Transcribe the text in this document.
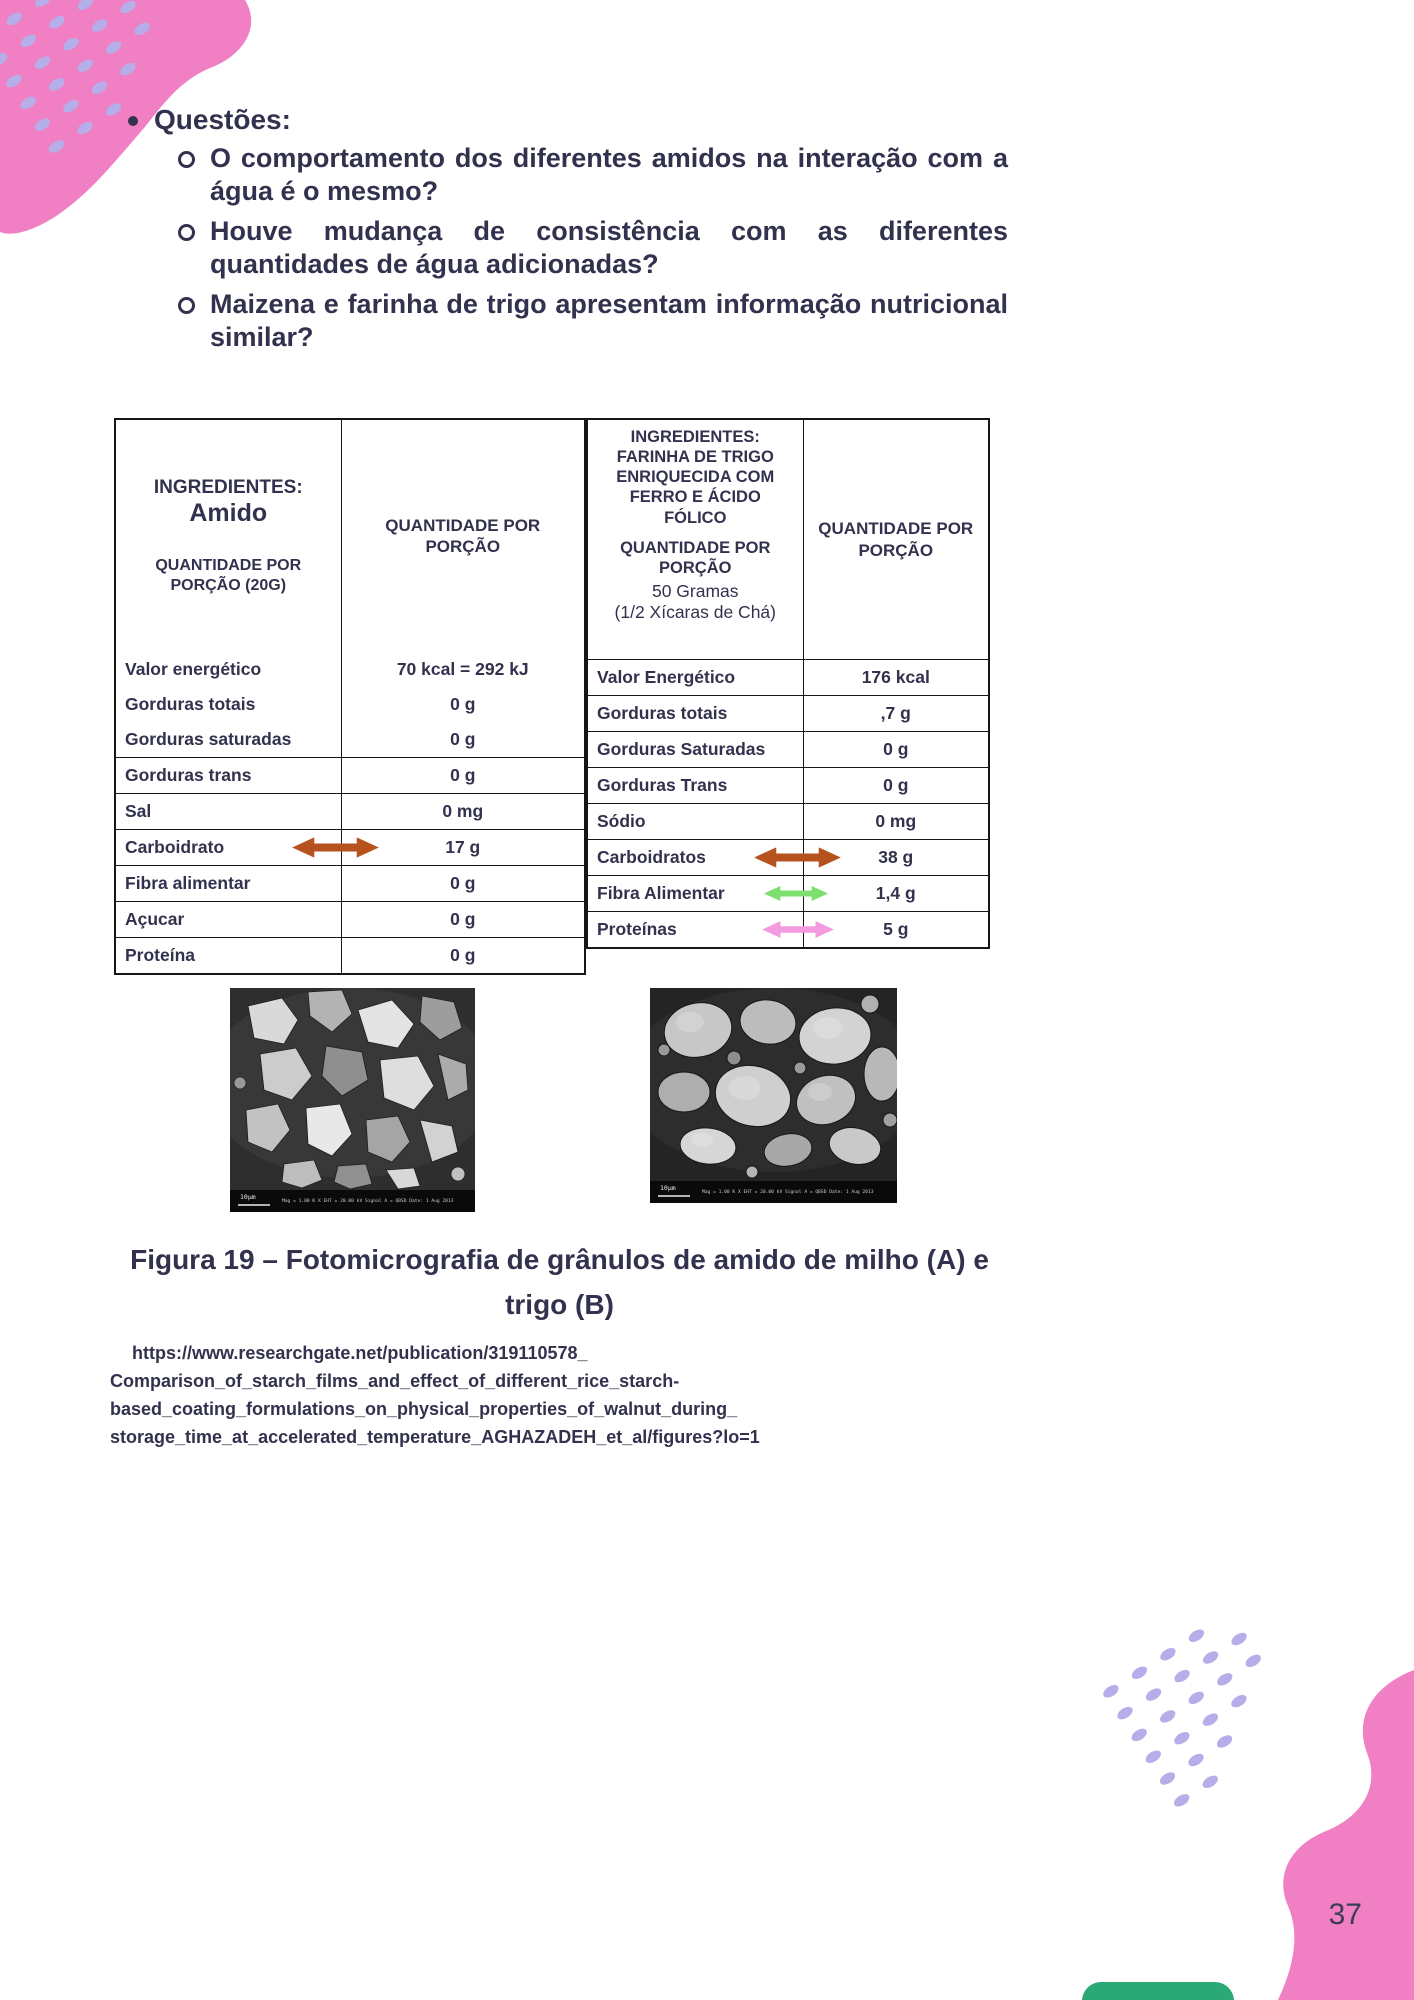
Questões:
O comportamento dos diferentes amidos na interação com a água é o mesmo?
Houve mudança de consistência com as diferentes quantidades de água adicionadas?
Maizena e farinha de trigo apresentam informação nutricional similar?
INGREDIENTES:
Amido
QUANTIDADE POR PORÇÃO (20G)	QUANTIDADE POR PORÇÃO

Valor energético	70 kcal = 292 kJ
Gorduras totais	0 g
Gorduras saturadas	0 g
Gorduras trans	0 g
Sal	0 mg

Carboidrato	17 g
Fibra alimentar	0 g
Açucar	0 g
Proteína	0 g
INGREDIENTES:
FARINHA DE TRIGO ENRIQUECIDA COM FERRO E ÁCIDO FÓLICO
QUANTIDADE POR PORÇÃO
50 Gramas
(1/2 Xícaras de Chá)	QUANTIDADE POR PORÇÃO

Valor Energético	176 kcal
Gorduras totais	,7 g
Gorduras Saturadas	0 g
Gorduras Trans	0 g
Sódio	0 mg

Carboidratos	38 g

Fibra Alimentar	1,4 g

Proteínas	5 g
10µm
Mag = 1.00 K X EHT = 20.00 kV Signal A = QBSD Date: 1 Aug 2013
10µm
Mag = 1.00 K X EHT = 20.00 kV Signal A = QBSD Date: 1 Aug 2013
Figura 19 – Fotomicrografia de grânulos de amido de milho (A) e
trigo (B)
https://www.researchgate.net/publication/319110578_
Comparison_of_starch_films_and_effect_of_different_rice_starch-
based_coating_formulations_on_physical_properties_of_walnut_during_
storage_time_at_accelerated_temperature_AGHAZADEH_et_al/figures?lo=1
37
